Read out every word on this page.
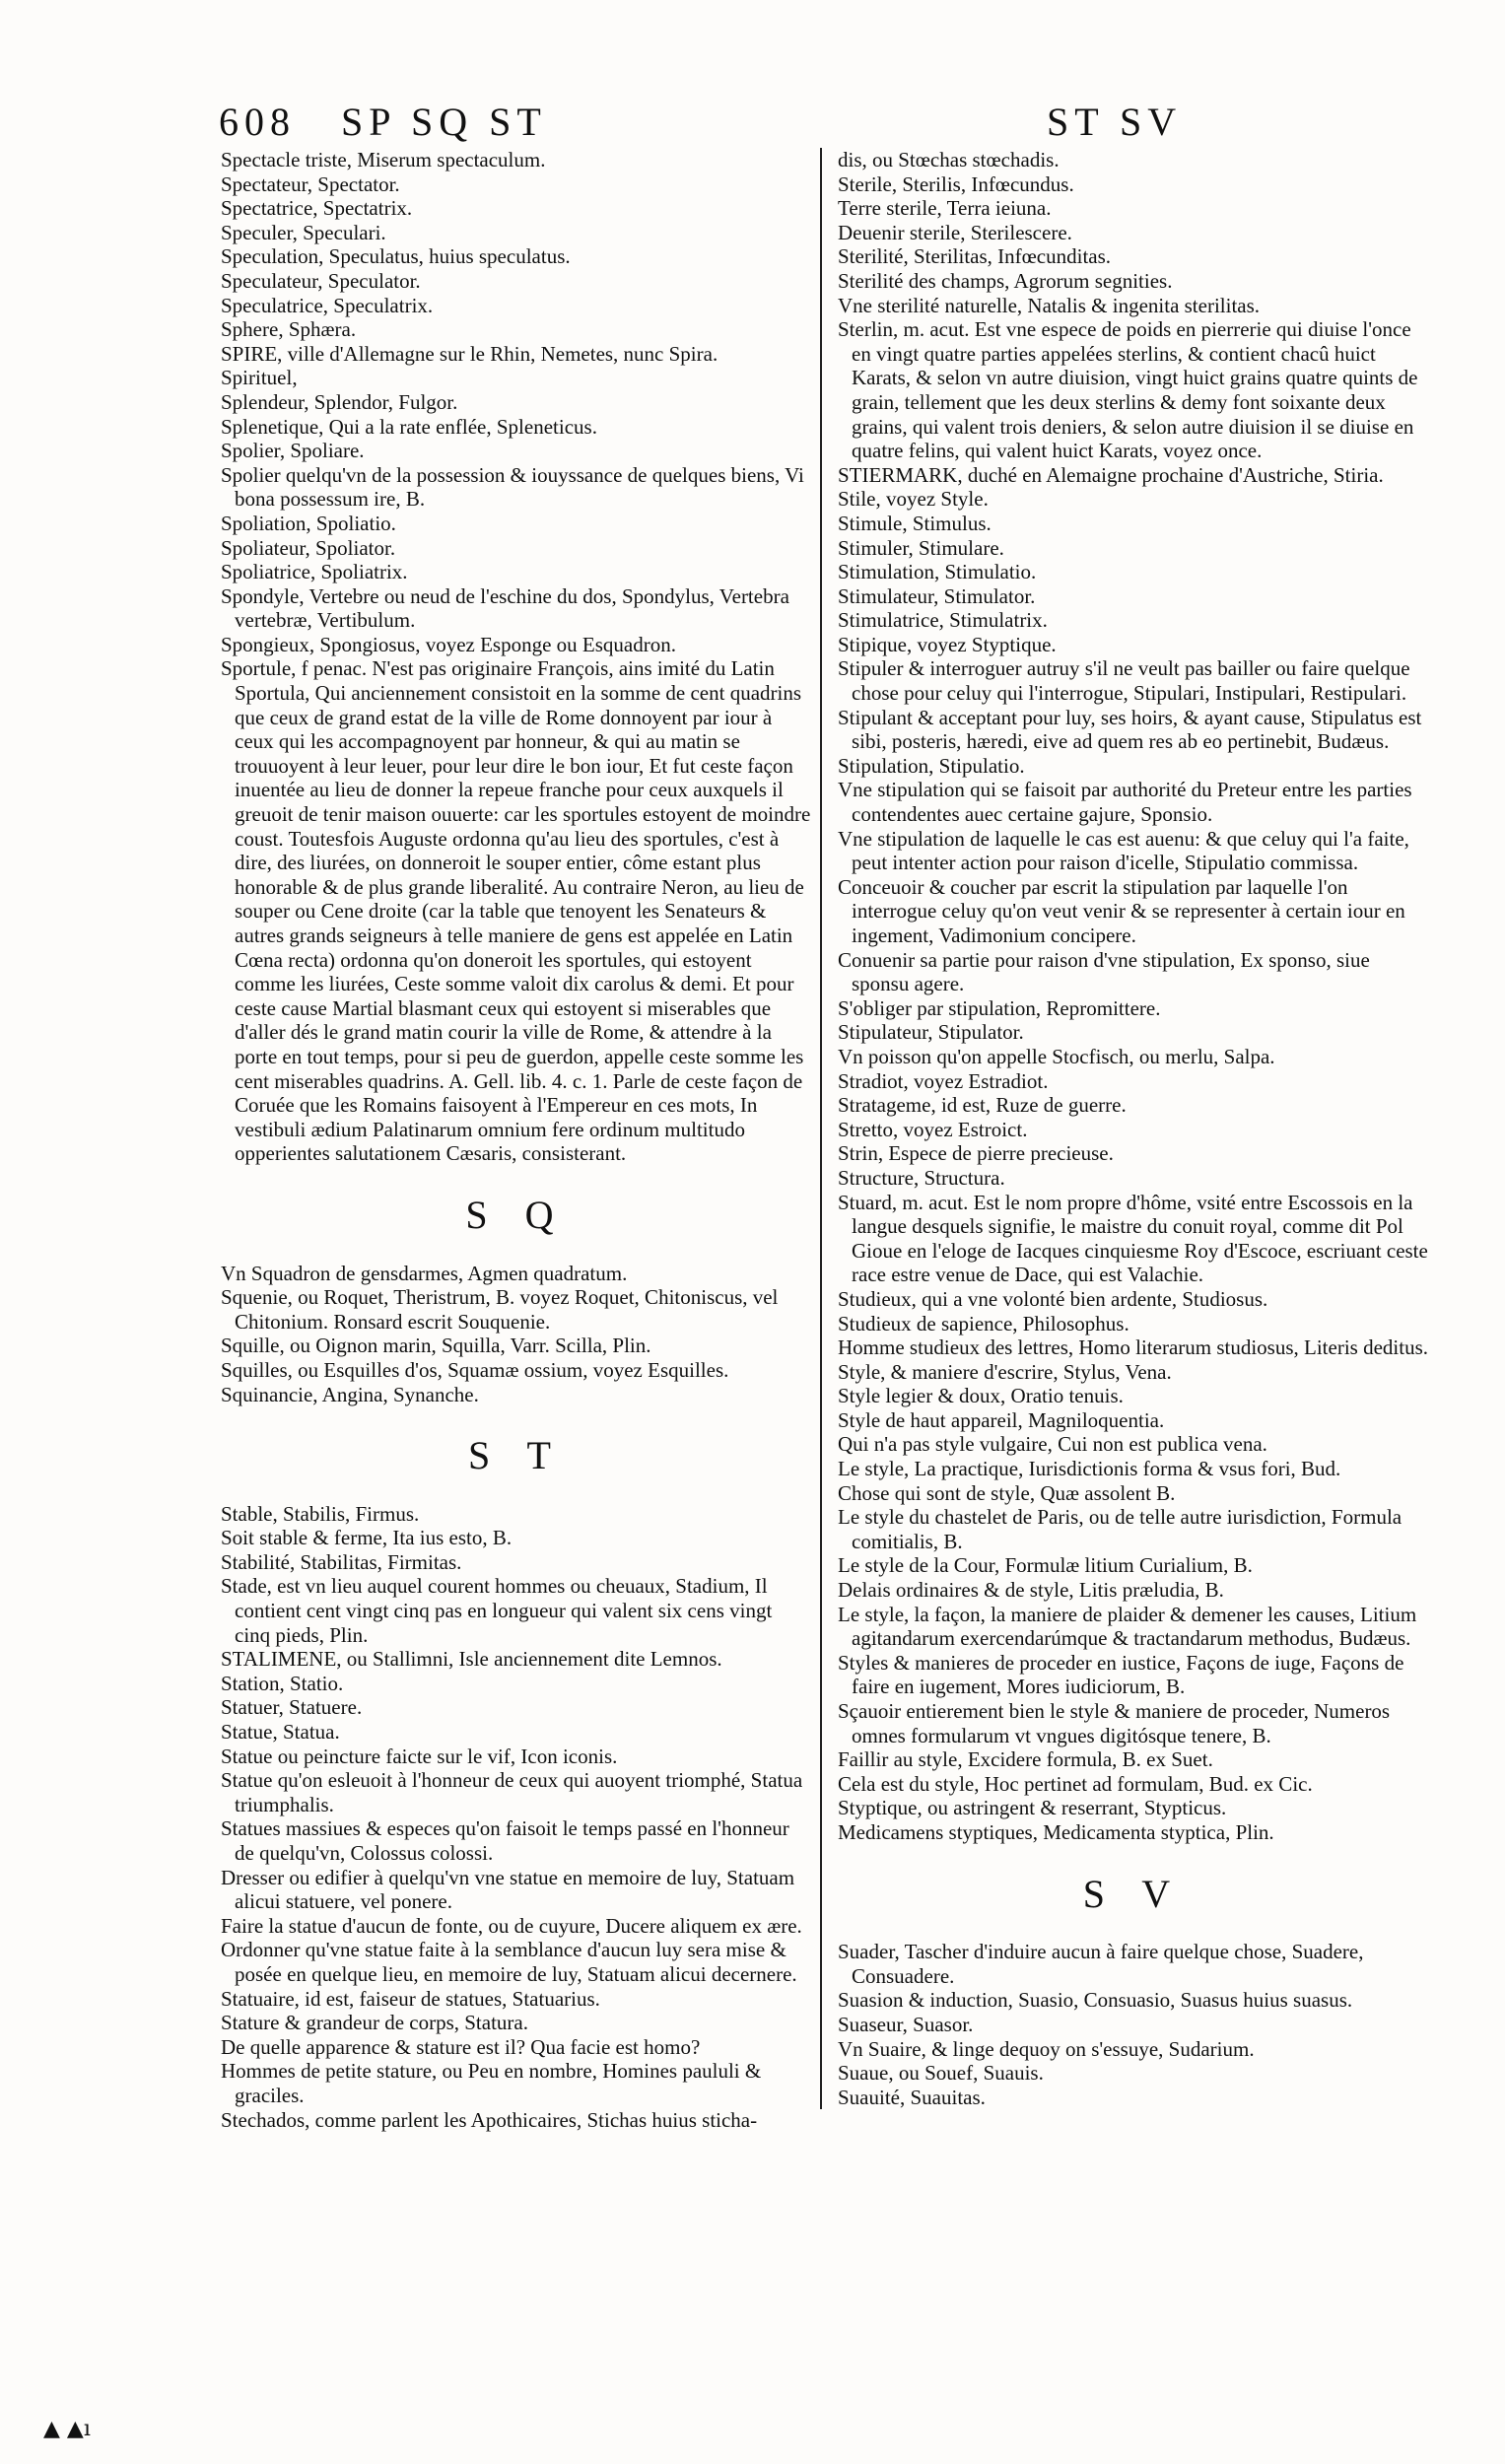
608 SP SQ ST	ST SV

Spectacle triste, Miserum spectaculum.

Spectateur, Spectator.

Spectatrice, Spectatrix.

Speculer, Speculari.

Speculation, Speculatus, huius speculatus.

Speculateur, Speculator.

Speculatrice, Speculatrix.

Sphere, Sphæra.

SPIRE, ville d'Allemagne sur le Rhin, Nemetes, nunc Spira.

Spirituel,

Splendeur, Splendor, Fulgor.

Splenetique, Qui a la rate enflée, Spleneticus.

Spolier, Spoliare.

Spolier quelqu'vn de la possession & iouyssance de quelques biens, Vi bona possessum ire, B.

Spoliation, Spoliatio.

Spoliateur, Spoliator.

Spoliatrice, Spoliatrix.

Spondyle, Vertebre ou neud de l'eschine du dos, Spondylus, Vertebra vertebræ, Vertibulum.

Spongieux, Spongiosus, voyez Esponge ou Esquadron.

Sportule, f penac. N'est pas originaire François, ains imité du Latin Sportula, Qui anciennement consistoit en la somme de cent quadrins que ceux de grand estat de la ville de Rome donnoyent par iour à ceux qui les accompagnoyent par honneur, & qui au matin se trouuoyent à leur leuer, pour leur dire le bon iour, Et fut ceste façon inuentée au lieu de donner la repeue franche pour ceux auxquels il greuoit de tenir maison ouuerte: car les sportules estoyent de moindre coust. Toutesfois Auguste ordonna qu'au lieu des sportules, c'est à dire, des liurées, on donneroit le souper entier, côme estant plus honorable & de plus grande liberalité. Au contraire Neron, au lieu de souper ou Cene droite (car la table que tenoyent les Senateurs & autres grands seigneurs à telle maniere de gens est appelée en Latin Cœna recta) ordonna qu'on doneroit les sportules, qui estoyent comme les liurées, Ceste somme valoit dix carolus & demi. Et pour ceste cause Martial blasmant ceux qui estoyent si miserables que d'aller dés le grand matin courir la ville de Rome, & attendre à la porte en tout temps, pour si peu de guerdon, appelle ceste somme les cent miserables quadrins. A. Gell. lib. 4. c. 1. Parle de ceste façon de Coruée que les Romains faisoyent à l'Empereur en ces mots, In vestibuli ædium Palatinarum omnium fere ordinum multitudo opperientes salutationem Cæsaris, consisterant.

S Q

Vn Squadron de gensdarmes, Agmen quadratum.

Squenie, ou Roquet, Theristrum, B. voyez Roquet, Chitoniscus, vel Chitonium. Ronsard escrit Souquenie.

Squille, ou Oignon marin, Squilla, Varr. Scilla, Plin.

Squilles, ou Esquilles d'os, Squamæ ossium, voyez Esquilles.

Squinancie, Angina, Synanche.

S T

Stable, Stabilis, Firmus.

Soit stable & ferme, Ita ius esto, B.

Stabilité, Stabilitas, Firmitas.

Stade, est vn lieu auquel courent hommes ou cheuaux, Stadium, Il contient cent vingt cinq pas en longueur qui valent six cens vingt cinq pieds, Plin.

STALIMENE, ou Stallimni, Isle anciennement dite Lemnos.

Station, Statio.

Statuer, Statuere.

Statue, Statua.

Statue ou peincture faicte sur le vif, Icon iconis.

Statue qu'on esleuoit à l'honneur de ceux qui auoyent triomphé, Statua triumphalis.

Statues massiues & especes qu'on faisoit le temps passé en l'honneur de quelqu'vn, Colossus colossi.

Dresser ou edifier à quelqu'vn vne statue en memoire de luy, Statuam alicui statuere, vel ponere.

Faire la statue d'aucun de fonte, ou de cuyure, Ducere aliquem ex ære.

Ordonner qu'vne statue faite à la semblance d'aucun luy sera mise & posée en quelque lieu, en memoire de luy, Statuam alicui decernere.

Statuaire, id est, faiseur de statues, Statuarius.

Stature & grandeur de corps, Statura.

De quelle apparence & stature est il? Qua facie est homo?

Hommes de petite stature, ou Peu en nombre, Homines paululi & graciles.

Stechados, comme parlent les Apothicaires, Stichas huius sticha-

dis, ou Stœchas stœchadis.

Sterile, Sterilis, Infœcundus.

Terre sterile, Terra ieiuna.

Deuenir sterile, Sterilescere.

Sterilité, Sterilitas, Infœcunditas.

Sterilité des champs, Agrorum segnities.

Vne sterilité naturelle, Natalis & ingenita sterilitas.

Sterlin, m. acut. Est vne espece de poids en pierrerie qui diuise l'once en vingt quatre parties appelées sterlins, & contient chacû huict Karats, & selon vn autre diuision, vingt huict grains quatre quints de grain, tellement que les deux sterlins & demy font soixante deux grains, qui valent trois deniers, & selon autre diuision il se diuise en quatre felins, qui valent huict Karats, voyez once.

STIERMARK, duché en Alemaigne prochaine d'Austriche, Stiria.

Stile, voyez Style.

Stimule, Stimulus.

Stimuler, Stimulare.

Stimulation, Stimulatio.

Stimulateur, Stimulator.

Stimulatrice, Stimulatrix.

Stipique, voyez Styptique.

Stipuler & interroguer autruy s'il ne veult pas bailler ou faire quelque chose pour celuy qui l'interrogue, Stipulari, Instipulari, Restipulari.

Stipulant & acceptant pour luy, ses hoirs, & ayant cause, Stipulatus est sibi, posteris, hæredi, eive ad quem res ab eo pertinebit, Budæus.

Stipulation, Stipulatio.

Vne stipulation qui se faisoit par authorité du Preteur entre les parties contendentes auec certaine gajure, Sponsio.

Vne stipulation de laquelle le cas est auenu: & que celuy qui l'a faite, peut intenter action pour raison d'icelle, Stipulatio commissa.

Conceuoir & coucher par escrit la stipulation par laquelle l'on interrogue celuy qu'on veut venir & se representer à certain iour en ingement, Vadimonium concipere.

Conuenir sa partie pour raison d'vne stipulation, Ex sponso, siue sponsu agere.

S'obliger par stipulation, Repromittere.

Stipulateur, Stipulator.

Vn poisson qu'on appelle Stocfisch, ou merlu, Salpa.

Stradiot, voyez Estradiot.

Stratageme, id est, Ruze de guerre.

Stretto, voyez Estroict.

Strin, Espece de pierre precieuse.

Structure, Structura.

Stuard, m. acut. Est le nom propre d'hôme, vsité entre Escossois en la langue desquels signifie, le maistre du conuit royal, comme dit Pol Gioue en l'eloge de Iacques cinquiesme Roy d'Escoce, escriuant ceste race estre venue de Dace, qui est Valachie.

Studieux, qui a vne volonté bien ardente, Studiosus.

Studieux de sapience, Philosophus.

Homme studieux des lettres, Homo literarum studiosus, Literis deditus.

Style, & maniere d'escrire, Stylus, Vena.

Style legier & doux, Oratio tenuis.

Style de haut appareil, Magniloquentia.

Qui n'a pas style vulgaire, Cui non est publica vena.

Le style, La practique, Iurisdictionis forma & vsus fori, Bud.

Chose qui sont de style, Quæ assolent B.

Le style du chastelet de Paris, ou de telle autre iurisdiction, Formula comitialis, B.

Le style de la Cour, Formulæ litium Curialium, B.

Delais ordinaires & de style, Litis præludia, B.

Le style, la façon, la maniere de plaider & demener les causes, Litium agitandarum exercendarúmque & tractandarum methodus, Budæus.

Styles & manieres de proceder en iustice, Façons de iuge, Façons de faire en iugement, Mores iudiciorum, B.

Sçauoir entierement bien le style & maniere de proceder, Numeros omnes formularum vt vngues digitósque tenere, B.

Faillir au style, Excidere formula, B. ex Suet.

Cela est du style, Hoc pertinet ad formulam, Bud. ex Cic.

Styptique, ou astringent & reserrant, Stypticus.

Medicamens styptiques, Medicamenta styptica, Plin.

S V

Suader, Tascher d'induire aucun à faire quelque chose, Suadere, Consuadere.

Suasion & induction, Suasio, Consuasio, Suasus huius suasus.

Suaseur, Suasor.

Vn Suaire, & linge dequoy on s'essuye, Sudarium.

Suaue, ou Souef, Suauis.

Suauité, Suauitas.

▲ ▲ı
